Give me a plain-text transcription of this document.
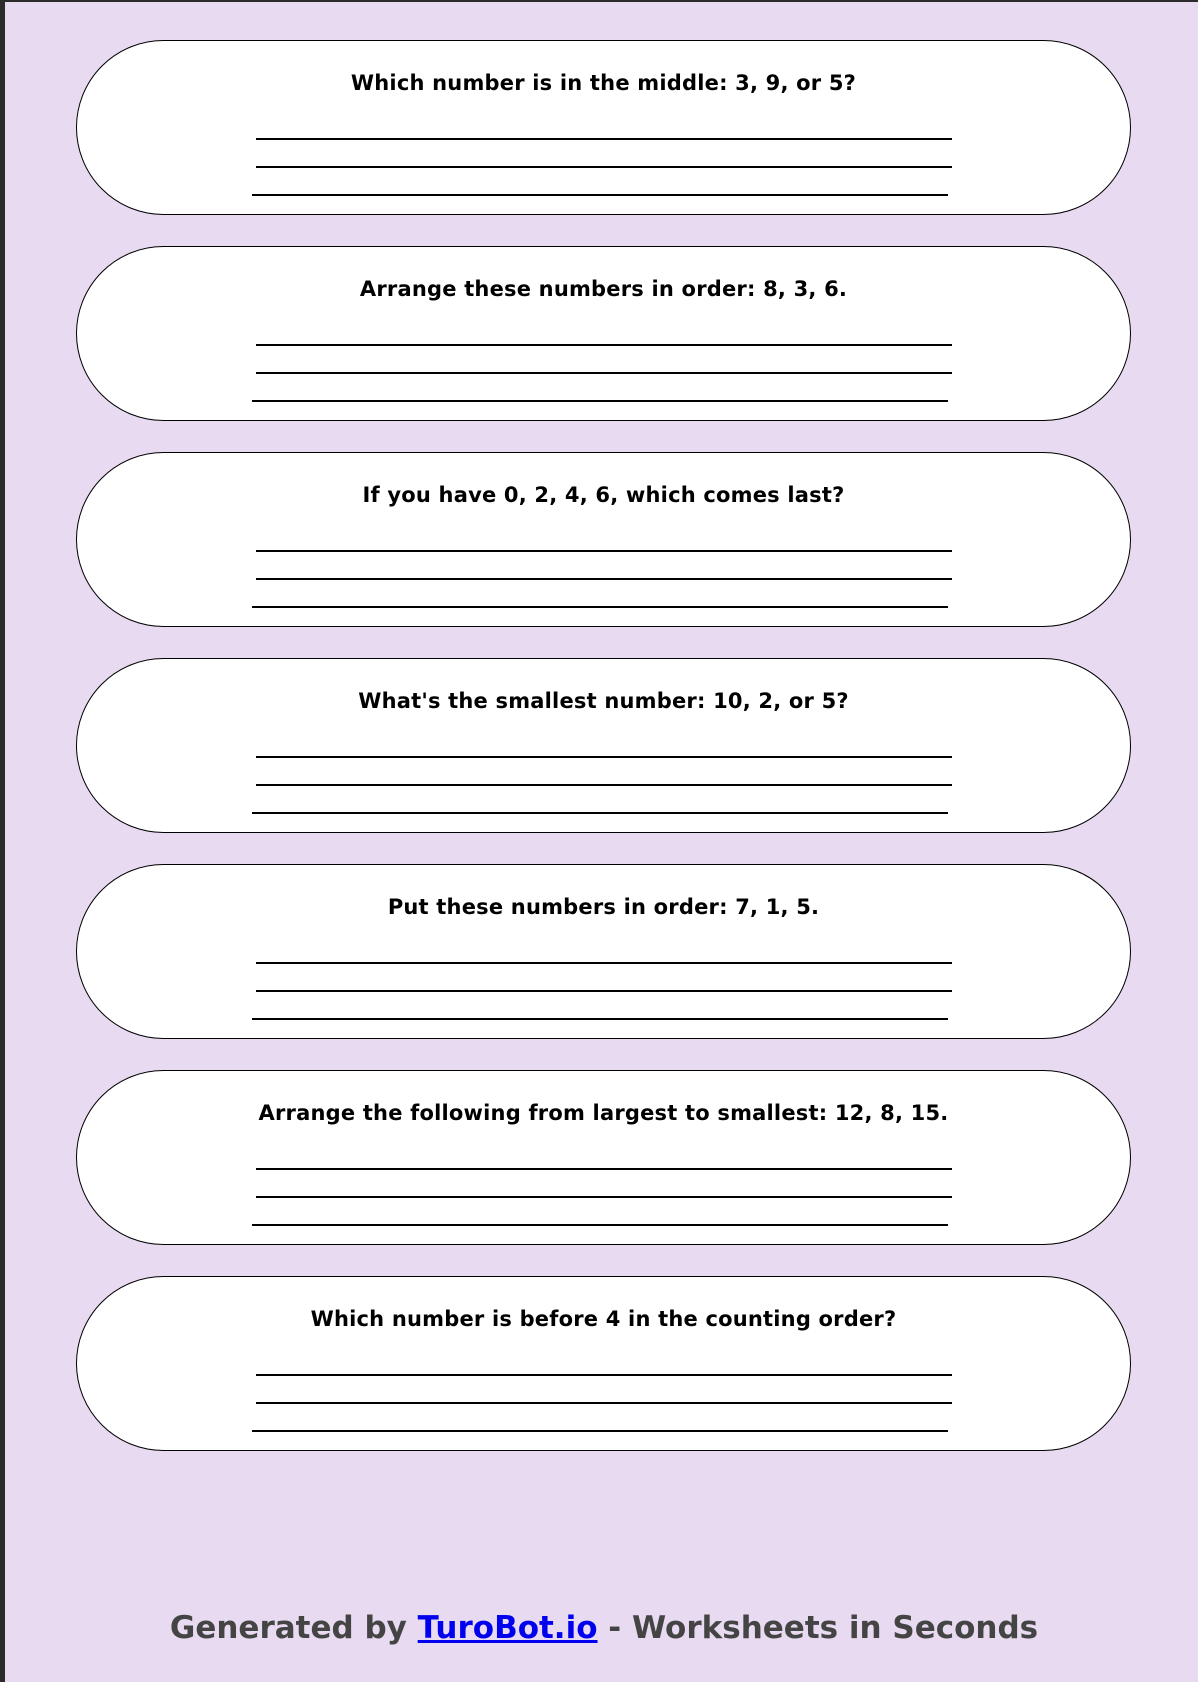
Which number is in the middle: 3, 9, or 5?
Arrange these numbers in order: 8, 3, 6.
If you have 0, 2, 4, 6, which comes last?
What's the smallest number: 10, 2, or 5?
Put these numbers in order: 7, 1, 5.
Arrange the following from largest to smallest: 12, 8, 15.
Which number is before 4 in the counting order?
Generated by TuroBot.io - Worksheets in Seconds
